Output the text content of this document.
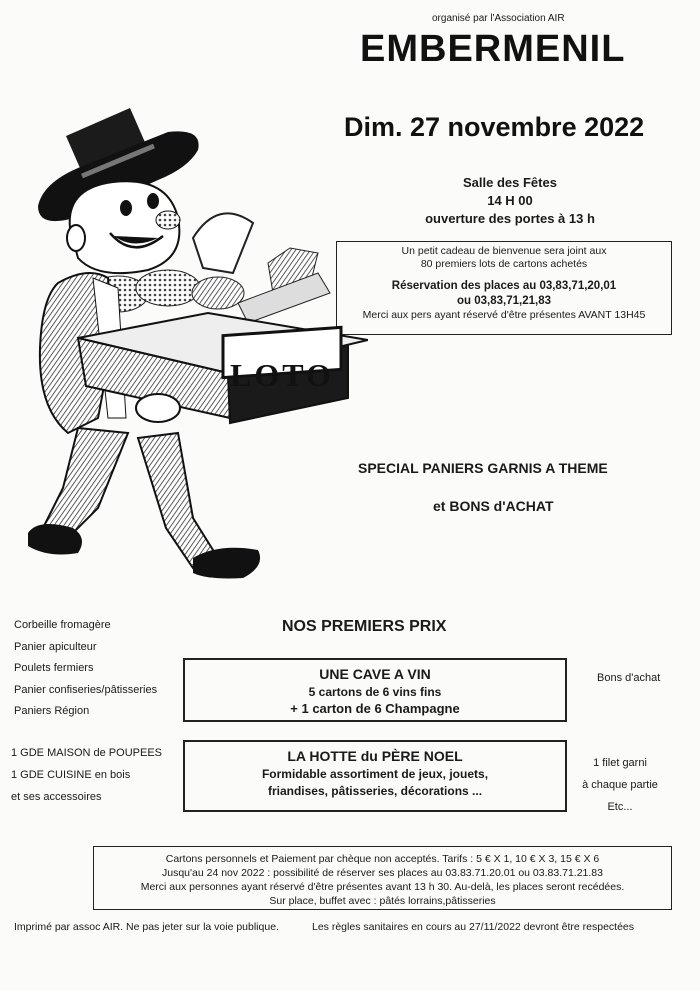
organisé par l'Association AIR
EMBERMENIL
Dim. 27 novembre 2022
Salle des Fêtes
14 H 00
ouverture des portes à 13 h
Un petit cadeau de bienvenue sera joint aux
80 premiers lots de cartons achetés
Réservation des places au 03,83,71,20,01
ou 03,83,71,21,83
Merci aux pers ayant réservé d'être présentes AVANT 13H45
LOTO
SPECIAL PANIERS GARNIS A THEME
et BONS d'ACHAT
NOS PREMIERS PRIX
Corbeille fromagère
Panier apiculteur
Poulets fermiers
Panier confiseries/pâtisseries
Paniers Région
UNE CAVE A VIN
5 cartons de 6 vins fins
+ 1 carton de 6 Champagne
Bons d'achat
1 GDE MAISON de POUPEES
1 GDE CUISINE en bois
et ses accessoires
LA HOTTE du PÈRE NOEL
Formidable assortiment de jeux, jouets,
friandises, pâtisseries, décorations ...
1 filet garni
à chaque partie
Etc...
Cartons personnels et Paiement par chèque non acceptés. Tarifs : 5 € X 1, 10 € X 3, 15 € X 6
Jusqu'au 24 nov 2022 : possibilité de réserver ses places au 03.83.71.20.01 ou 03.83.71.21.83
Merci aux personnes ayant réservé d'être présentes avant 13 h 30. Au-delà, les places seront recédées.
Sur place, buffet avec : pâtés lorrains,pâtisseries
Imprimé par assoc AIR. Ne pas jeter sur la voie publique.	Les règles sanitaires en cours au 27/11/2022 devront être respectées
